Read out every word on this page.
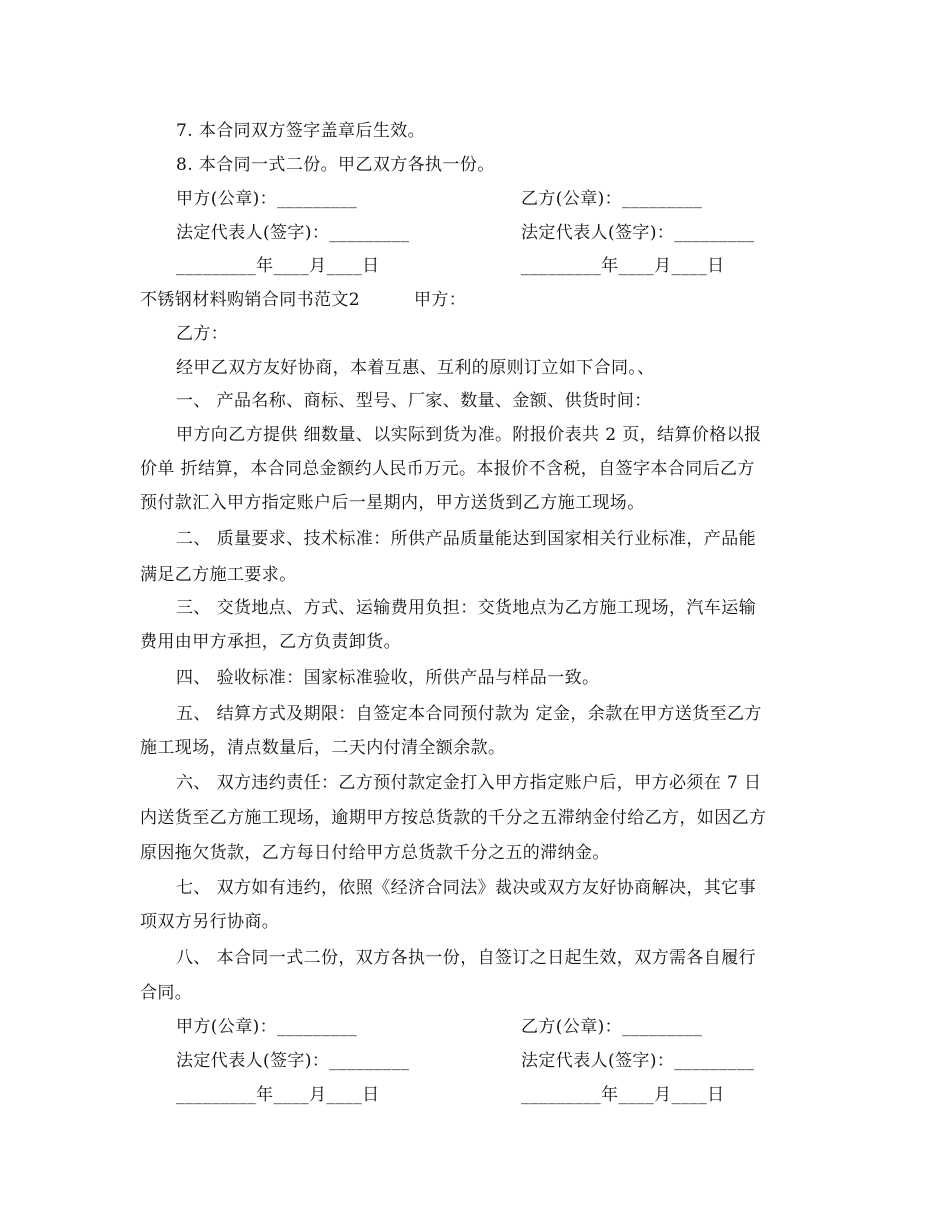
7. 本合同双方签字盖章后生效。
8. 本合同一式二份。甲乙双方各执一份。
甲方(公章)：_________	乙方(公章)：_________
法定代表人(签字)：_________	法定代表人(签字)：_________
_________年____月____日	_________年____月____日
不锈钢材料购销合同书范文2	甲方：
乙方：
经甲乙双方友好协商，本着互惠、互利的原则订立如下合同。、
一、 产品名称、商标、型号、厂家、数量、金额、供货时间：
甲方向乙方提供 细数量、以实际到货为准。附报价表共 2 页，结算价格以报
价单 折结算，本合同总金额约人民币万元。本报价不含税，自签字本合同后乙方
预付款汇入甲方指定账户后一星期内，甲方送货到乙方施工现场。
二、 质量要求、技术标准：所供产品质量能达到国家相关行业标准，产品能
满足乙方施工要求。
三、 交货地点、方式、运输费用负担：交货地点为乙方施工现场，汽车运输
费用由甲方承担，乙方负责卸货。
四、 验收标准：国家标准验收，所供产品与样品一致。
五、 结算方式及期限：自签定本合同预付款为 定金，余款在甲方送货至乙方
施工现场，清点数量后，二天内付清全额余款。
六、 双方违约责任：乙方预付款定金打入甲方指定账户后，甲方必须在 7 日
内送货至乙方施工现场，逾期甲方按总货款的千分之五滞纳金付给乙方，如因乙方
原因拖欠货款，乙方每日付给甲方总货款千分之五的滞纳金。
七、 双方如有违约，依照《经济合同法》裁决或双方友好协商解决，其它事
项双方另行协商。
八、 本合同一式二份，双方各执一份，自签订之日起生效，双方需各自履行
合同。
甲方(公章)：_________	乙方(公章)：_________
法定代表人(签字)：_________	法定代表人(签字)：_________
_________年____月____日	_________年____月____日
